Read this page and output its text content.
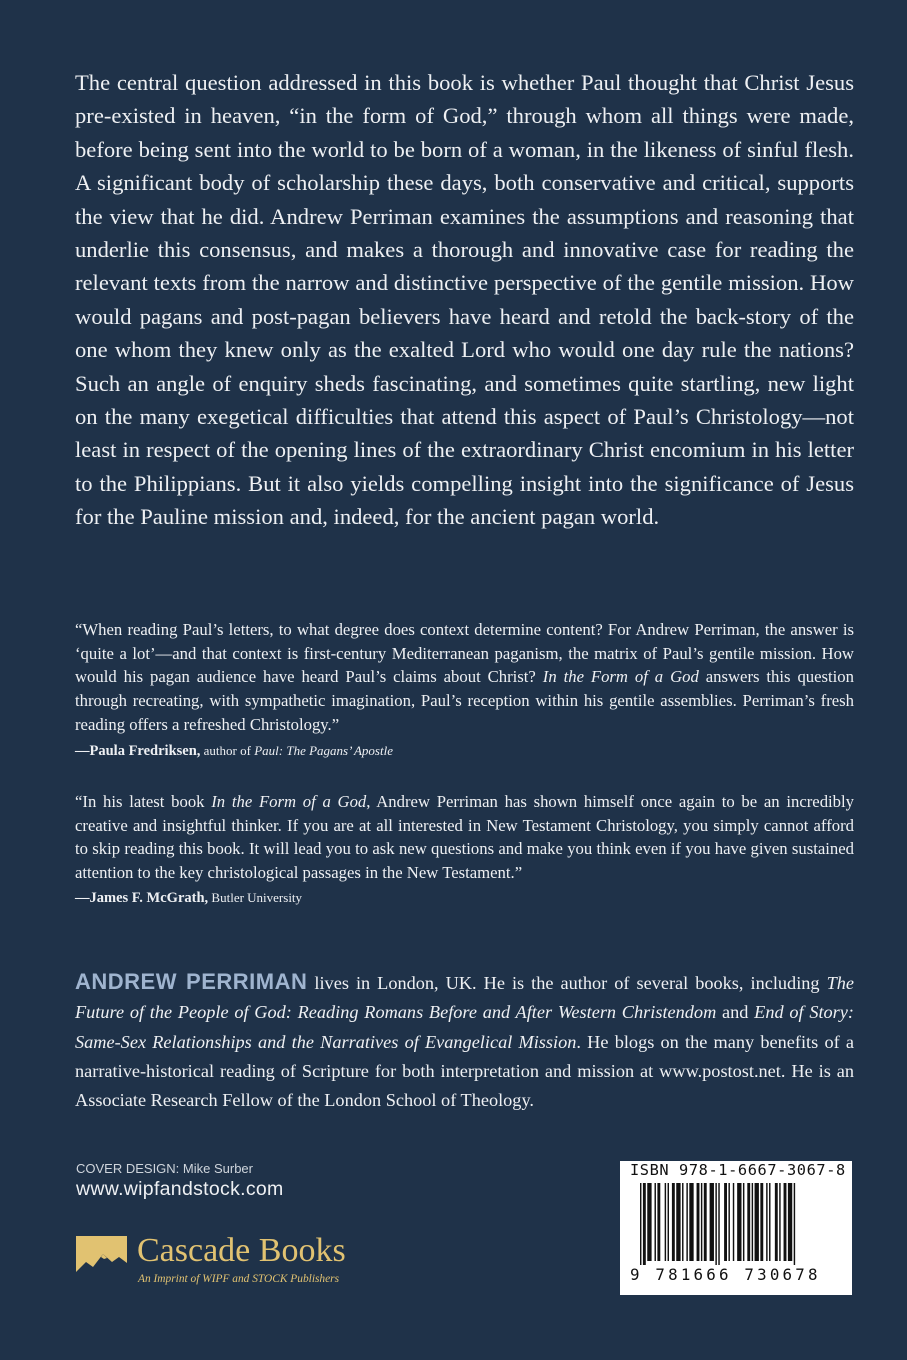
The central question addressed in this book is whether Paul thought that Christ Jesus pre-existed in heaven, “in the form of God,” through whom all things were made, before being sent into the world to be born of a woman, in the likeness of sinful flesh. A significant body of scholarship these days, both conservative and critical, supports the view that he did. Andrew Perriman examines the assumptions and reasoning that underlie this consensus, and makes a thorough and innovative case for reading the relevant texts from the narrow and distinctive perspective of the gentile mission. How would pagans and post-pagan believers have heard and retold the back-story of the one whom they knew only as the exalted Lord who would one day rule the nations? Such an angle of enquiry sheds fascinating, and sometimes quite startling, new light on the many exegetical difficulties that attend this aspect of Paul’s Christology—not least in respect of the opening lines of the extraordinary Christ encomium in his letter to the Philippians. But it also yields compelling insight into the significance of Jesus for the Pauline mission and, indeed, for the ancient pagan world.

“When reading Paul’s letters, to what degree does context determine content? For Andrew Perriman, the answer is ‘quite a lot’—and that context is first-century Mediterranean paganism, the matrix of Paul’s gentile mission. How would his pagan audience have heard Paul’s claims about Christ? In the Form of a God answers this question through recreating, with sympathetic imagination, Paul’s reception within his gentile assemblies. Perriman’s fresh reading offers a refreshed Christology.”

—Paula Fredriksen, author of Paul: The Pagans’ Apostle

“In his latest book In the Form of a God, Andrew Perriman has shown himself once again to be an incredibly creative and insightful thinker. If you are at all interested in New Testament Christology, you simply cannot afford to skip reading this book. It will lead you to ask new questions and make you think even if you have given sustained attention to the key christological passages in the New Testament.”

—James F. McGrath, Butler University

ANDREW PERRIMAN lives in London, UK. He is the author of several books, including The Future of the People of God: Reading Romans Before and After Western Christendom and End of Story: Same-Sex Relationships and the Narratives of Evangelical Mission. He blogs on the many benefits of a narrative-historical reading of Scripture for both interpretation and mission at www.postost.net. He is an Associate Research Fellow of the London School of Theology.

COVER DESIGN: Mike Surber
www.wipfandstock.com
Cascade Books
An Imprint of WIPF and STOCK Publishers
ISBN 978-1-6667-3067-8
9 781666 730678
